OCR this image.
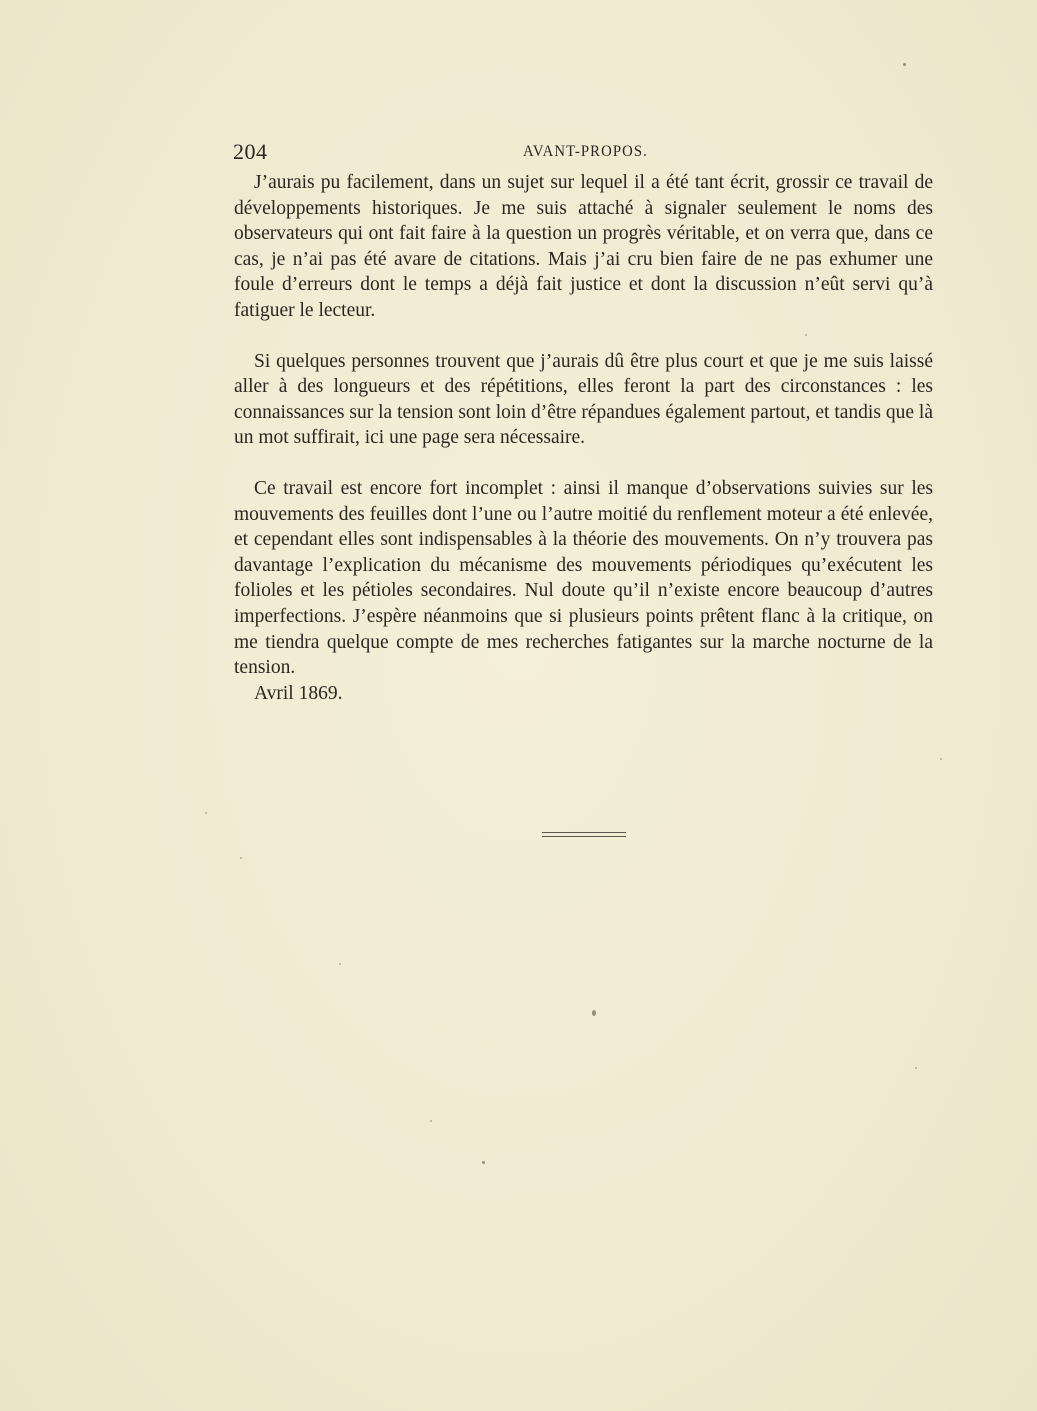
204	AVANT-PROPOS.

J’aurais pu facilement, dans un sujet sur lequel il a été tant écrit, grossir ce travail de développements historiques. Je me suis attaché à signaler seulement le noms des observateurs qui ont fait faire à la question un progrès véritable, et on verra que, dans ce cas, je n’ai pas été avare de citations. Mais j’ai cru bien faire de ne pas exhumer une foule d’erreurs dont le temps a déjà fait justice et dont la discussion n’eût servi qu’à fatiguer le lecteur.

Si quelques personnes trouvent que j’aurais dû être plus court et que je me suis laissé aller à des longueurs et des répétitions, elles feront la part des circonstances : les connaissances sur la tension sont loin d’être répandues également partout, et tandis que là un mot suffirait, ici une page sera nécessaire.

Ce travail est encore fort incomplet : ainsi il manque d’observations suivies sur les mouvements des feuilles dont l’une ou l’autre moitié du renflement moteur a été enlevée, et cependant elles sont indispensables à la théorie des mouvements. On n’y trouvera pas davantage l’explication du mécanisme des mouvements périodiques qu’exécutent les folioles et les pétioles secondaires. Nul doute qu’il n’existe encore beaucoup d’autres imperfections. J’espère néanmoins que si plusieurs points prêtent flanc à la critique, on me tiendra quelque compte de mes recherches fatigantes sur la marche nocturne de la tension.

Avril 1869.
